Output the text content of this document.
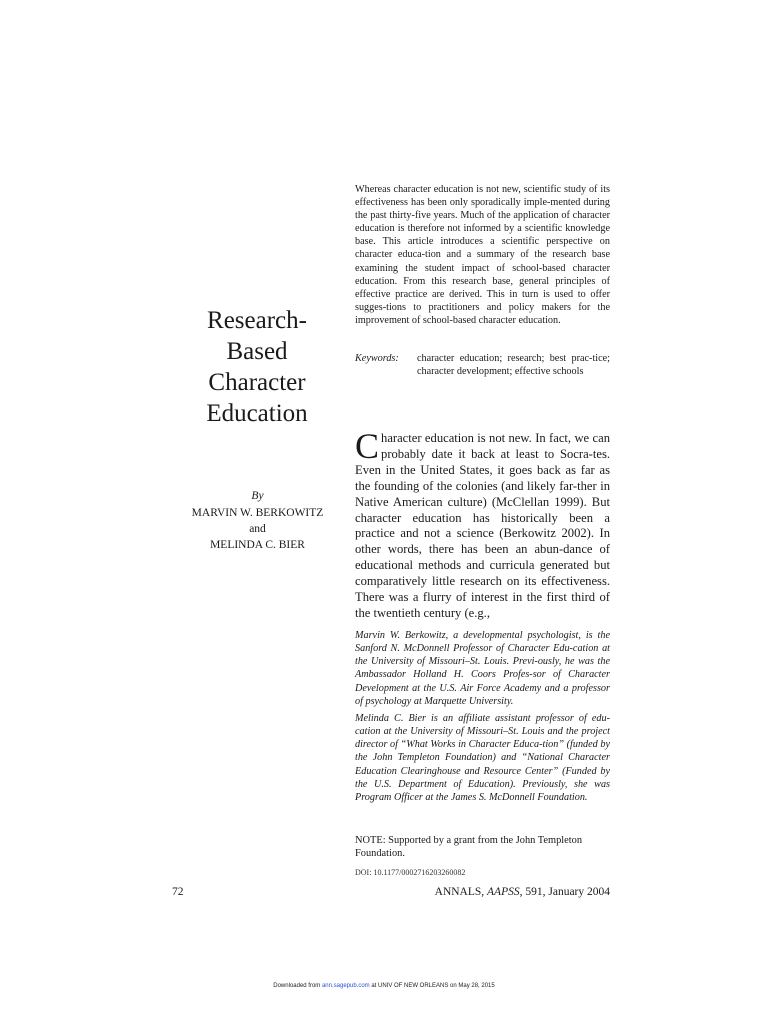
Whereas character education is not new, scientific study of its effectiveness has been only sporadically imple-mented during the past thirty-five years. Much of the application of character education is therefore not informed by a scientific knowledge base. This article introduces a scientific perspective on character educa-tion and a summary of the research base examining the student impact of school-based character education. From this research base, general principles of effective practice are derived. This in turn is used to offer sugges-tions to practitioners and policy makers for the improvement of school-based character education.
Keywords:	character education; research; best prac-tice; character development; effective schools
Research-
Based
Character
Education
By
MARVIN W. BERKOWITZ
and
MELINDA C. BIER
C haracter education is not new. In fact, we can probably date it back at least to Socra-tes. Even in the United States, it goes back as far as the founding of the colonies (and likely far-ther in Native American culture) (McClellan 1999). But character education has historically been a practice and not a science (Berkowitz 2002). In other words, there has been an abun-dance of educational methods and curricula generated but comparatively little research on its effectiveness. There was a flurry of interest in the first third of the twentieth century (e.g.,

Marvin W. Berkowitz, a developmental psychologist, is the Sanford N. McDonnell Professor of Character Edu-cation at the University of Missouri–St. Louis. Previ-ously, he was the Ambassador Holland H. Coors Profes-sor of Character Development at the U.S. Air Force Academy and a professor of psychology at Marquette University.

Melinda C. Bier is an affiliate assistant professor of edu-cation at the University of Missouri–St. Louis and the project director of “What Works in Character Educa-tion” (funded by the John Templeton Foundation) and “National Character Education Clearinghouse and Resource Center” (Funded by the U.S. Department of Education). Previously, she was Program Officer at the James S. McDonnell Foundation.

NOTE: Supported by a grant from the John Templeton Foundation.
DOI: 10.1177/0002716203260082
72	ANNALS, AAPSS, 591, January 2004
Downloaded from ann.sagepub.com at UNIV OF NEW ORLEANS on May 28, 2015
